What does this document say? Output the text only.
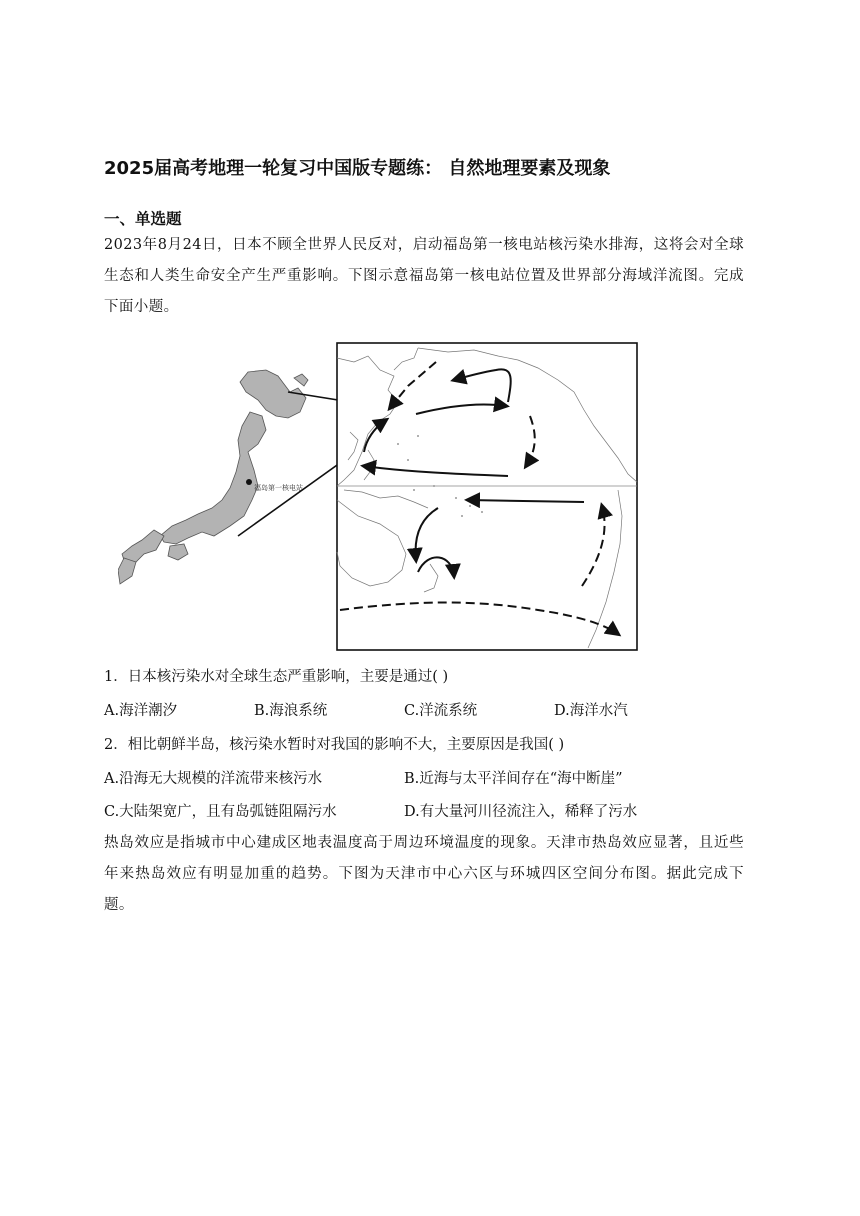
2025届高考地理一轮复习中国版专题练： 自然地理要素及现象
一、单选题
2023年8月24日，日本不顾全世界人民反对，启动福岛第一核电站核污染水排海，这将会对全球生态和人类生命安全产生严重影响。下图示意福岛第一核电站位置及世界部分海域洋流图。完成下面小题。
福岛第一核电站
1．日本核污染水对全球生态严重影响，主要是通过( )
A.海洋潮汐	B.海浪系统	C.洋流系统	D.海洋水汽
2．相比朝鲜半岛，核污染水暂时对我国的影响不大，主要原因是我国( )
A.沿海无大规模的洋流带来核污水	B.近海与太平洋间存在“海中断崖”
C.大陆架宽广，且有岛弧链阻隔污水	D.有大量河川径流注入，稀释了污水
热岛效应是指城市中心建成区地表温度高于周边环境温度的现象。天津市热岛效应显著，且近些年来热岛效应有明显加重的趋势。下图为天津市中心六区与环城四区空间分布图。据此完成下题。
